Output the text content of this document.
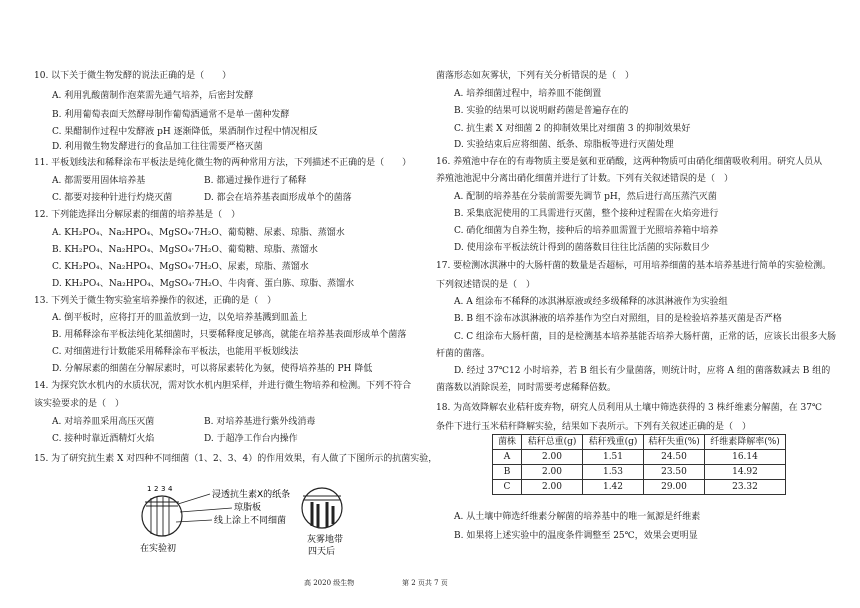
10. 以下关于微生物发酵的说法正确的是（　　）
A. 利用乳酸菌制作泡菜需先通气培养，后密封发酵
B. 利用葡萄表面天然酵母制作葡萄酒通常不是单一菌种发酵
C. 果醋制作过程中发酵液 pH 逐渐降低，果酒制作过程中情况相反
D. 利用微生物发酵进行的食品加工往往需要严格灭菌
11. 平板划线法和稀释涂布平板法是纯化微生物的两种常用方法，下列描述不正确的是（　　）
A. 都需要用固体培养基	B. 都通过操作进行了稀释
C. 都要对接种针进行灼烧灭菌	D. 都会在培养基表面形成单个的菌落
12. 下列能选择出分解尿素的细菌的培养基是（　）
A. KH₂PO₄、Na₂HPO₄、MgSO₄·7H₂O、葡萄糖、尿素、琼脂、蒸馏水
B. KH₂PO₄、Na₂HPO₄、MgSO₄·7H₂O、葡萄糖、琼脂、蒸馏水
C. KH₂PO₄、Na₂HPO₄、MgSO₄·7H₂O、尿素，琼脂、蒸馏水
D. KH₂PO₄、Na₂HPO₄、MgSO₄·7H₂O、牛肉膏、蛋白胨、琼脂、蒸馏水
13. 下列关于微生物实验室培养操作的叙述，正确的是（　）
A. 倒平板时，应将打开的皿盖放到一边，以免培养基溅到皿盖上
B. 用稀释涂布平板法纯化某细菌时，只要稀释度足够高，就能在培养基表面形成单个菌落
C. 对细菌进行计数能采用稀释涂布平板法，也能用平板划线法
D. 分解尿素的细菌在分解尿素时，可以将尿素转化为氨，使得培养基的 PH 降低
14. 为探究饮水机内的水质状况，需对饮水机内胆采样，并进行微生物培养和检测。下列不符合
该实验要求的是（　）
A. 对培养皿采用高压灭菌	B. 对培养基进行紫外线消毒
C. 接种时靠近酒精灯火焰	D. 于超净工作台内操作
15. 为了研究抗生素 X 对四种不同细菌（1、2、3、4）的作用效果，有人做了下图所示的抗菌实验，
1 2 3 4
浸透抗生素X的纸条
琼脂板
线上涂上不同细菌
在实验初
灰雾地带
四天后
菌落形态如灰雾状，下列有关分析错误的是（　）
A. 培养细菌过程中，培养皿不能倒置
B. 实验的结果可以说明耐药菌是普遍存在的
C. 抗生素 X 对细菌 2 的抑制效果比对细菌 3 的抑制效果好
D. 实验结束后应将细菌、纸条、琼脂板等进行灭菌处理
16. 养殖池中存在的有毒物质主要是氨和亚硝酸，这两种物质可由硝化细菌吸收利用。研究人员从
养殖池池泥中分离出硝化细菌并进行了计数。下列有关叙述错误的是（　）
A. 配制的培养基在分装前需要先调节 pH，然后进行高压蒸汽灭菌
B. 采集底泥使用的工具需进行灭菌，整个接种过程需在火焰旁进行
C. 硝化细菌为自养生物，接种后的培养皿需置于光照培养箱中培养
D. 使用涂布平板法统计得到的菌落数目往往比活菌的实际数目少
17. 要检测冰淇淋中的大肠杆菌的数量是否超标，可用培养细菌的基本培养基进行简单的实验检测。
下列叙述错误的是（　）
A. A 组涂布不稀释的冰淇淋原液或经多级稀释的冰淇淋液作为实验组
B. B 组不涂布冰淇淋液的培养基作为空白对照组，目的是检验培养基灭菌是否严格
C. C 组涂布大肠杆菌，目的是检测基本培养基能否培养大肠杆菌，正常的话，应该长出很多大肠
杆菌的菌落。
D. 经过 37℃12 小时培养，若 B 组长有少量菌落，则统计时，应将 A 组的菌落数减去 B 组的
菌落数以消除误差，同时需要考虑稀释倍数。
18. 为高效降解农业秸秆废弃物，研究人员利用从土壤中筛选获得的 3 株纤维素分解菌，在 37℃
条件下进行玉米秸秆降解实验，结果如下表所示。下列有关叙述正确的是（　）
菌株	秸秆总重(g)	秸秆残重(g)	秸秆失重(%)	纤维素降解率(%)
A	2.00	1.51	24.50	16.14
B	2.00	1.53	23.50	14.92
C	2.00	1.42	29.00	23.32
A. 从土壤中筛选纤维素分解菌的培养基中的唯一氮源是纤维素
B. 如果将上述实验中的温度条件调整至 25℃，效果会更明显
高 2020 级生物	第 2 页共 7 页
